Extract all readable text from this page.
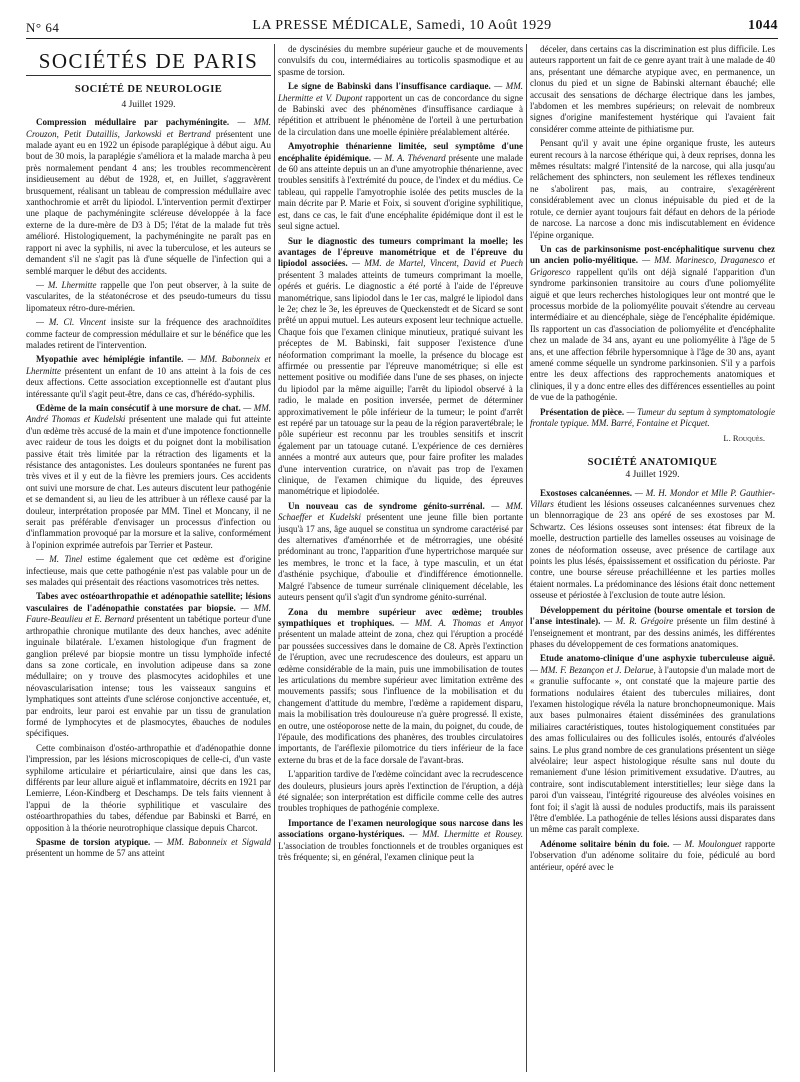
N° 64	LA PRESSE MÉDICALE, Samedi, 10 Août 1929	1044
SOCIÉTÉS DE PARIS
SOCIÉTÉ DE NEUROLOGIE
4 Juillet 1929.

Compression médullaire par pachyméningite. — MM. Crouzon, Petit Dutaillis, Jarkowski et Bertrand présentent une malade ayant eu en 1922 un épisode paraplégique à début aigu. Au bout de 30 mois, la paraplégie s'améliora et la malade marcha à peu près normalement pendant 4 ans; les troubles recommencèrent insidieusement au début de 1928, et, en Juillet, s'aggravèrent brusquement, réalisant un tableau de compression médullaire avec xanthochromie et arrêt du lipiodol. L'intervention permit d'extirper une plaque de pachyméningite scléreuse développée à la face externe de la dure-mère de D3 à D5; l'état de la malade fut très amélioré. Histologiquement, la pachyméningite ne paraît pas en rapport ni avec la syphilis, ni avec la tuberculose, et les auteurs se demandent s'il ne s'agit pas là d'une séquelle de l'infection qui a semblé marquer le début des accidents.

— M. Lhermitte rappelle que l'on peut observer, à la suite de vascularites, de la stéatonécrose et des pseudo-tumeurs du tissu lipomateux rétro-dure-mérien.

— M. Cl. Vincent insiste sur la fréquence des arachnoïdites comme facteur de compression médullaire et sur le bénéfice que les malades retirent de l'intervention.

Myopathie avec hémiplégie infantile. — MM. Babonneix et Lhermitte présentent un enfant de 10 ans atteint à la fois de ces deux affections. Cette association exceptionnelle est d'autant plus intéressante qu'il s'agit peut-être, dans ce cas, d'hérédo-syphilis.

Œdème de la main consécutif à une morsure de chat. — MM. André Thomas et Kudelski présentent une malade qui fut atteinte d'un œdème très accusé de la main et d'une impotence fonctionnelle avec raideur de tous les doigts et du poignet dont la mobilisation passive était très limitée par la rétraction des ligaments et la résistance des antagonistes. Les douleurs spontanées ne furent pas très vives et il y eut de la fièvre les premiers jours. Ces accidents ont suivi une morsure de chat. Les auteurs discutent leur pathogénie et se demandent si, au lieu de les attribuer à un réflexe causé par la douleur, interprétation proposée par MM. Tinel et Moncany, il ne serait pas préférable d'envisager un processus d'infection ou d'inflammation provoqué par la morsure et la salive, conformément à l'opinion exprimée autrefois par Terrier et Pasteur.

— M. Tinel estime également que cet œdème est d'origine infectieuse, mais que cette pathogénie n'est pas valable pour un de ses malades qui présentait des réactions vasomotrices très nettes.

Tabes avec ostéoarthropathie et adénopathie satellite; lésions vasculaires de l'adénopathie constatées par biopsie. — MM. Faure-Beaulieu et E. Bernard présentent un tabétique porteur d'une arthropathie chronique mutilante des deux hanches, avec adénite inguinale bilatérale. L'examen histologique d'un fragment de ganglion prélevé par biopsie montre un tissu lymphoïde infecté dans sa zone corticale, en involution adipeuse dans sa zone médullaire; on y trouve des plasmocytes acidophiles et une néovascularisation intense; tous les vaisseaux sanguins et lymphatiques sont atteints d'une sclérose conjonctive accentuée, et, par endroits, leur paroi est envahie par un tissu de granulation formé de lymphocytes et de plasmocytes, ébauches de nodules spécifiques.

Cette combinaison d'ostéo-arthropathie et d'adénopathie donne l'impression, par les lésions microscopiques de celle-ci, d'un vaste syphilome articulaire et périarticulaire, ainsi que dans les cas, différents par leur allure aiguë et inflammatoire, décrits en 1921 par Lemierre, Léon-Kindberg et Deschamps. De tels faits viennent à l'appui de la théorie syphilitique et vasculaire des ostéoarthropathies du tabes, défendue par Babinski et Barré, en opposition à la théorie neurotrophique classique depuis Charcot.

Spasme de torsion atypique. — MM. Babonneix et Sigwald présentent un homme de 57 ans atteint

de dyscinésies du membre supérieur gauche et de mouvements convulsifs du cou, intermédiaires au torticolis spasmodique et au spasme de torsion.

Le signe de Babinski dans l'insuffisance cardiaque. — MM. Lhermitte et V. Dupont rapportent un cas de concordance du signe de Babinski avec des phénomènes d'insuffisance cardiaque à répétition et attribuent le phénomène de l'orteil à une perturbation de la circulation dans une moelle épinière préalablement altérée.

Amyotrophie thénarienne limitée, seul symptôme d'une encéphalite épidémique. — M. A. Thévenard présente une malade de 60 ans atteinte depuis un an d'une amyotrophie thénarienne, avec troubles sensitifs à l'extrémité du pouce, de l'index et du médius. Ce tableau, qui rappelle l'amyotrophie isolée des petits muscles de la main décrite par P. Marie et Foix, si souvent d'origine syphilitique, est, dans ce cas, le fait d'une encéphalite épidémique dont il est le seul signe actuel.

Sur le diagnostic des tumeurs comprimant la moelle; les avantages de l'épreuve manométrique et de l'épreuve du lipiodol associées. — MM. de Martel, Vincent, David et Puech présentent 3 malades atteints de tumeurs comprimant la moelle, opérés et guéris. Le diagnostic a été porté à l'aide de l'épreuve manométrique, sans lipiodol dans le 1er cas, malgré le lipiodol dans le 2e; chez le 3e, les épreuves de Queckenstedt et de Sicard se sont prêté un appui mutuel. Les auteurs exposent leur technique actuelle. Chaque fois que l'examen clinique minutieux, pratiqué suivant les préceptes de M. Babinski, fait supposer l'existence d'une néoformation comprimant la moelle, la présence du blocage est affirmée ou pressentie par l'épreuve manométrique; si elle est nettement positive ou modifiée dans l'une de ses phases, on injecte du lipiodol par la même aiguille; l'arrêt du lipiodol observé à la radio, le malade en position inversée, permet de déterminer approximativement le pôle inférieur de la tumeur; le point d'arrêt est repéré par un tatouage sur la peau de la région paravertébrale; le pôle supérieur est reconnu par les troubles sensitifs et inscrit également par un tatouage cutané. L'expérience de ces dernières années a montré aux auteurs que, pour faire profiter les malades d'une intervention curatrice, on n'avait pas trop de l'examen clinique, de l'examen chimique du liquide, des épreuves manométrique et lipiodolée.

Un nouveau cas de syndrome génito-surrénal. — MM. Schaeffer et Kudelski présentent une jeune fille bien portante jusqu'à 17 ans, âge auquel se constitua un syndrome caractérisé par des alternatives d'aménorrhée et de métrorragies, une obésité prédominant au tronc, l'apparition d'une hypertrichose marquée sur les membres, le tronc et la face, à type masculin, et un état d'asthénie psychique, d'aboulie et d'indifférence émotionnelle. Malgré l'absence de tumeur surrénale cliniquement décelable, les auteurs pensent qu'il s'agit d'un syndrome génito-surrénal.

Zona du membre supérieur avec œdème; troubles sympathiques et trophiques. — MM. A. Thomas et Amyot présentent un malade atteint de zona, chez qui l'éruption a procédé par poussées successives dans le domaine de C8. Après l'extinction de l'éruption, avec une recrudescence des douleurs, est apparu un œdème considérable de la main, puis une immobilisation de toutes les articulations du membre supérieur avec limitation extrême des mouvements passifs; sous l'influence de la mobilisation et du changement d'attitude du membre, l'œdème a rapidement disparu, mais la mobilisation très douloureuse n'a guère progressé. Il existe, en outre, une ostéoporose nette de la main, du poignet, du coude, de l'épaule, des modifications des phanères, des troubles circulatoires importants, de l'aréflexie pilomotrice du tiers inférieur de la face externe du bras et de la face dorsale de l'avant-bras.

L'apparition tardive de l'œdème coïncidant avec la recrudescence des douleurs, plusieurs jours après l'extinction de l'éruption, a déjà été signalée; son interprétation est difficile comme celle des autres troubles trophiques de pathogénie complexe.

Importance de l'examen neurologique sous narcose dans les associations organo-hystériques. — MM. Lhermitte et Rousey. L'association de troubles fonctionnels et de troubles organiques est très fréquente; si, en général, l'examen clinique peut la

déceler, dans certains cas la discrimination est plus difficile. Les auteurs rapportent un fait de ce genre ayant trait à une malade de 40 ans, présentant une démarche atypique avec, en permanence, un clonus du pied et un signe de Babinski alternant ébauché; elle accusait des sensations de décharge électrique dans les jambes, l'abdomen et les membres supérieurs; on relevait de nombreux signes d'origine manifestement hystérique qui l'avaient fait considérer comme atteinte de pithiatisme pur.

Pensant qu'il y avait une épine organique fruste, les auteurs eurent recours à la narcose éthérique qui, à deux reprises, donna les mêmes résultats: malgré l'intensité de la narcose, qui alla jusqu'au relâchement des sphincters, non seulement les réflexes tendineux ne s'abolirent pas, mais, au contraire, s'exagérèrent considérablement avec un clonus inépuisable du pied et de la rotule, ce dernier ayant toujours fait défaut en dehors de la période de narcose. La narcose a donc mis indiscutablement en évidence l'épine organique.

Un cas de parkinsonisme post-encéphalitique survenu chez un ancien polio-myélitique. — MM. Marinesco, Draganesco et Grigoresco rappellent qu'ils ont déjà signalé l'apparition d'un syndrome parkinsonien transitoire au cours d'une poliomyélite aiguë et que leurs recherches histologiques leur ont montré que le processus morbide de la poliomyélite pouvait s'étendre au cerveau intermédiaire et au diencéphale, siège de l'encéphalite épidémique. Ils rapportent un cas d'association de poliomyélite et d'encéphalite chez un malade de 34 ans, ayant eu une poliomyélite à l'âge de 5 ans, et une affection fébrile hypersomnique à l'âge de 30 ans, ayant amené comme séquelle un syndrome parkinsonien. S'il y a parfois entre les deux affections des rapprochements anatomiques et cliniques, il y a donc entre elles des différences essentielles au point de vue de la pathogénie.

Présentation de pièce. — Tumeur du septum à symptomatologie frontale typique. MM. Barré, Fontaine et Picquet.

L. Rouquès.
SOCIÉTÉ ANATOMIQUE
4 Juillet 1929.

Exostoses calcanéennes. — M. H. Mondor et Mlle P. Gauthier-Villars étudient les lésions osseuses calcanéennes survenues chez un blennorragique de 23 ans opéré de ses exostoses par M. Schwartz. Ces lésions osseuses sont intenses: état fibreux de la moelle, destruction partielle des lamelles osseuses au voisinage de zones de néoformation osseuse, avec présence de cartilage aux points les plus lésés, épaississement et ossification du périoste. Par contre, une bourse séreuse préachilléenne et les parties molles étaient normales. La prédominance des lésions était donc nettement osseuse et périostée à l'exclusion de toute autre lésion.

Développement du péritoine (bourse omentale et torsion de l'anse intestinale). — M. R. Grégoire présente un film destiné à l'enseignement et montrant, par des dessins animés, les différentes phases du développement de ces formations anatomiques.

Etude anatomo-clinique d'une asphyxie tuberculeuse aiguë. — MM. F. Bezançon et J. Delarue, à l'autopsie d'un malade mort de « granulie suffocante », ont constaté que la majeure partie des formations nodulaires étaient des tubercules miliaires, dont l'examen histologique révéla la nature bronchopneumonique. Mais aux bases pulmonaires étaient disséminées des granulations miliaires caractéristiques, toutes histologiquement constituées par des amas folliculaires ou des follicules isolés, entourés d'alvéoles sains. Le plus grand nombre de ces granulations présentent un siège alvéolaire; leur aspect histologique résulte sans nul doute du remaniement d'une lésion primitivement exsudative. D'autres, au contraire, sont indiscutablement interstitielles; leur siège dans la paroi d'un vaisseau, l'intégrité rigoureuse des alvéoles voisines en font foi; il s'agit là aussi de nodules productifs, mais ils paraissent l'être d'emblée. La pathogénie de telles lésions aussi disparates dans un même cas paraît complexe.

Adénome solitaire bénin du foie. — M. Moulonguet rapporte l'observation d'un adénome solitaire du foie, pédiculé au bord antérieur, opéré avec le
